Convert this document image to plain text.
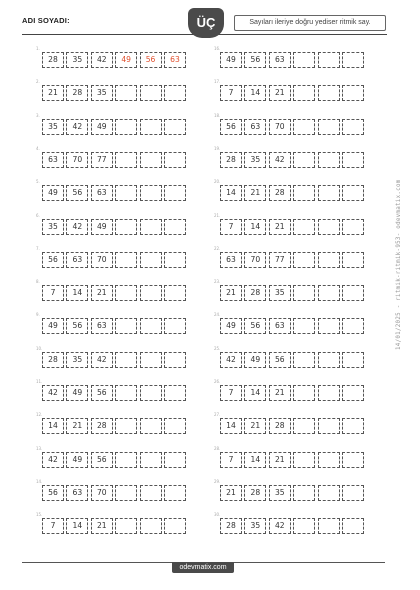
ADI SOYADI:	ÜÇ	Sayıları ileriye doğru yediser ritmik say.
14/01/2025 - ritmik-ritmik-953- odevmatix.com
1.
28	35	42	49	56	63
2.
21	28	35
3.
35	42	49
4.
63	70	77
5.
49	56	63
6.
35	42	49
7.
56	63	70
8.
7	14	21
9.
49	56	63
10.
28	35	42
11.
42	49	56
12.
14	21	28
13.
42	49	56
14.
56	63	70
15.
7	14	21
16.
49	56	63
17.
7	14	21
18.
56	63	70
19.
28	35	42
20.
14	21	28
21.
7	14	21
22.
63	70	77
23.
21	28	35
24.
49	56	63
25.
42	49	56
26.
7	14	21
27.
14	21	28
28.
7	14	21
29.
21	28	35
30.
28	35	42
odevmatix.com
